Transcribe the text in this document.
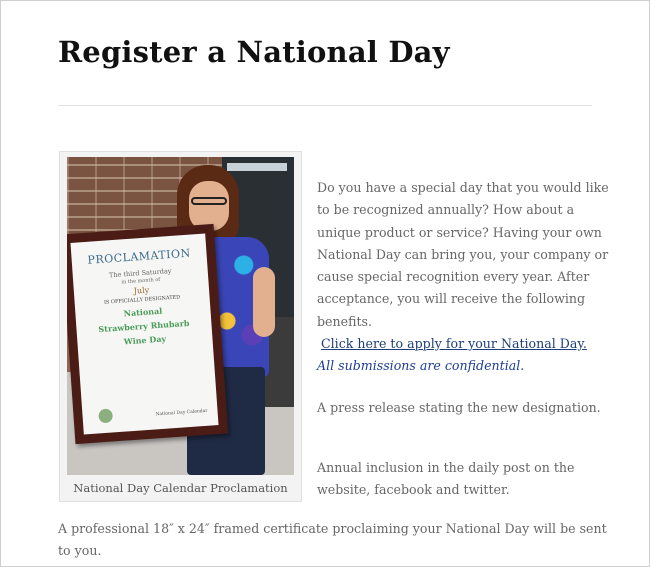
Register a National Day
PROCLAMATION
The third Saturday
in the month of
July
IS OFFICIALLY DESIGNATED
National
Strawberry Rhubarb
Wine Day
National Day Calendar
National Day Calendar Proclamation

Do you have a special day that you would like to be recognized annually? How about a unique product or service? Having your own National Day can bring you, your company or cause special recognition every year. After acceptance, you will receive the following benefits.
Click here to apply for your National Day.  All submissions are confidential.

A press release stating the new designation.

Annual inclusion in the daily post on the website, facebook and twitter.

A professional 18″ x 24″ framed certificate proclaiming your National Day will be sent to you.
